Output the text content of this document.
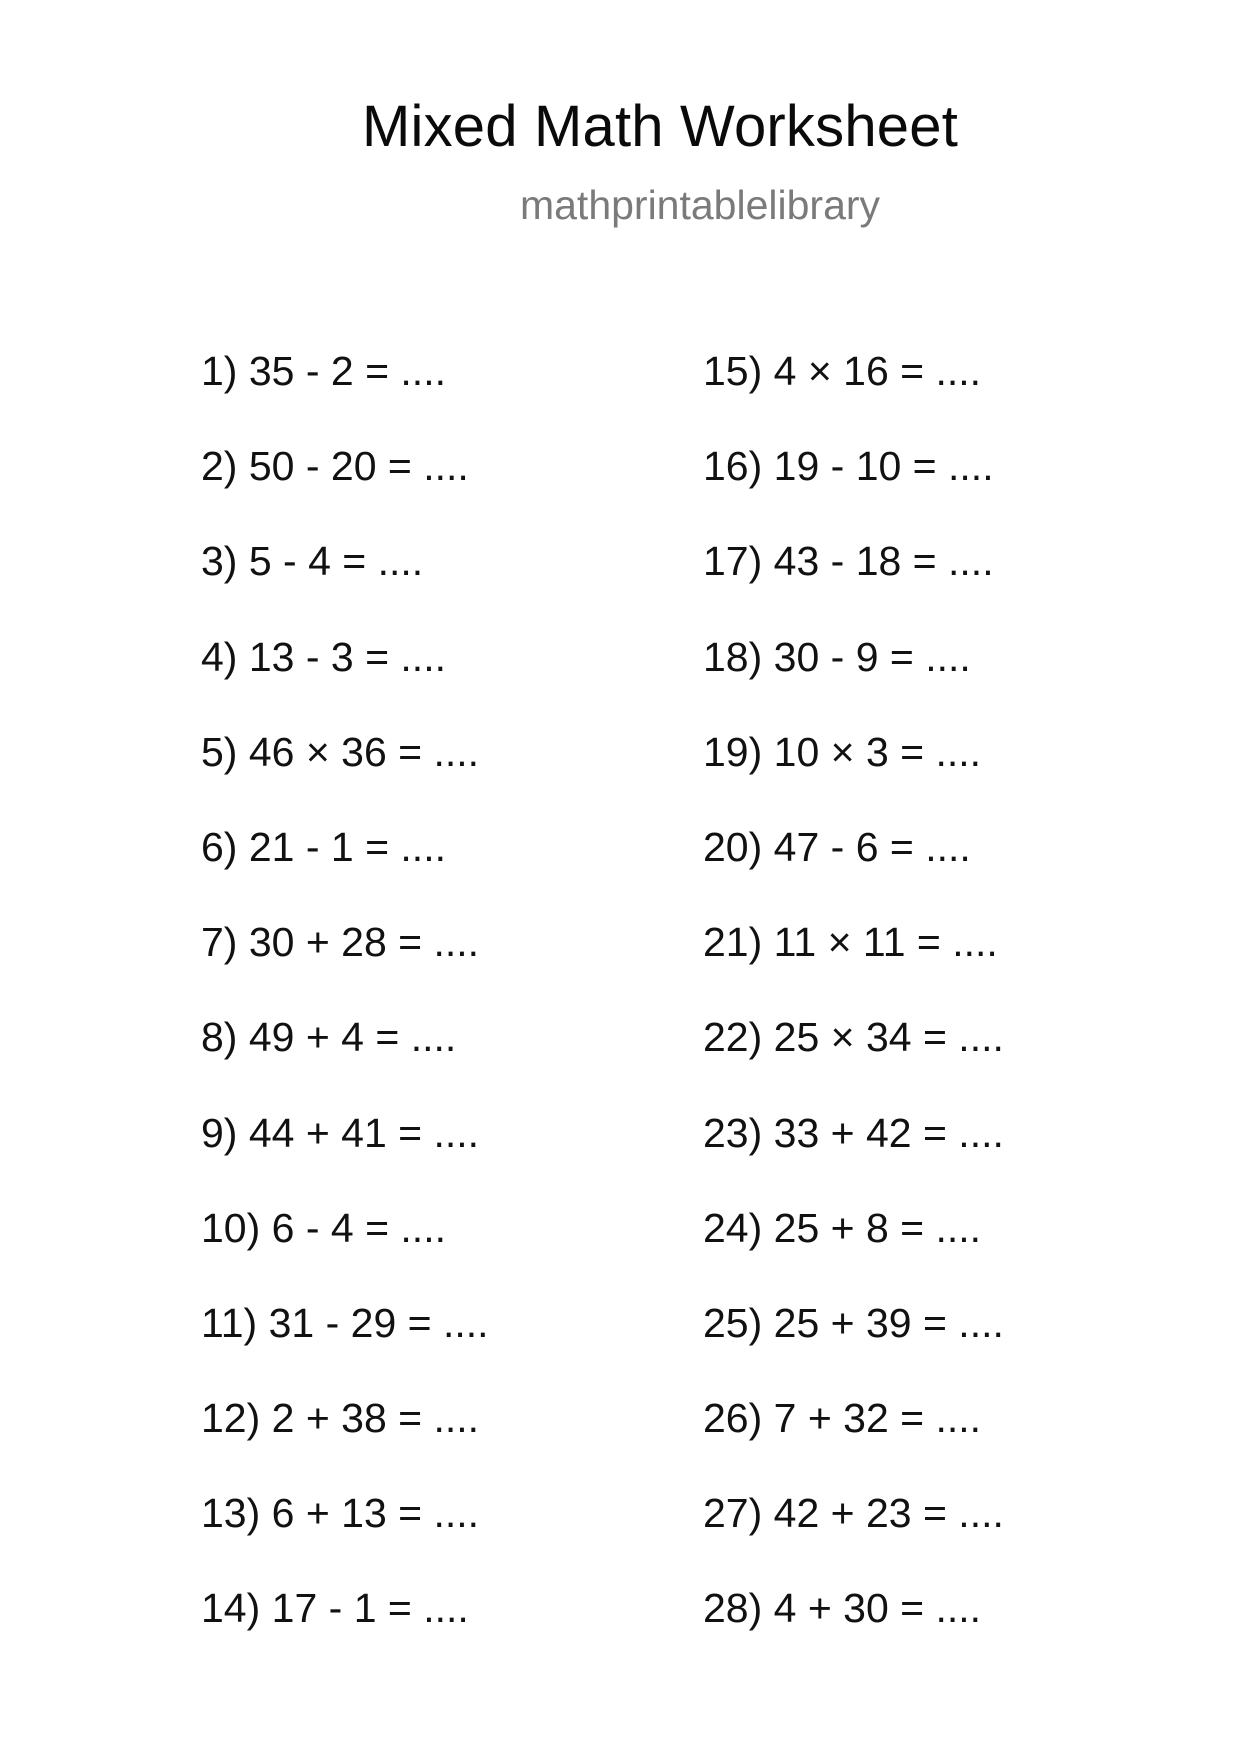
Mixed Math Worksheet
mathprintablelibrary
1) 35 - 2 = ....
2) 50 - 20 = ....
3) 5 - 4 = ....
4) 13 - 3 = ....
5) 46 × 36 = ....
6) 21 - 1 = ....
7) 30 + 28 = ....
8) 49 + 4 = ....
9) 44 + 41 = ....
10) 6 - 4 = ....
11) 31 - 29 = ....
12) 2 + 38 = ....
13) 6 + 13 = ....
14) 17 - 1 = ....
15) 4 × 16 = ....
16) 19 - 10 = ....
17) 43 - 18 = ....
18) 30 - 9 = ....
19) 10 × 3 = ....
20) 47 - 6 = ....
21) 11 × 11 = ....
22) 25 × 34 = ....
23) 33 + 42 = ....
24) 25 + 8 = ....
25) 25 + 39 = ....
26) 7 + 32 = ....
27) 42 + 23 = ....
28) 4 + 30 = ....
